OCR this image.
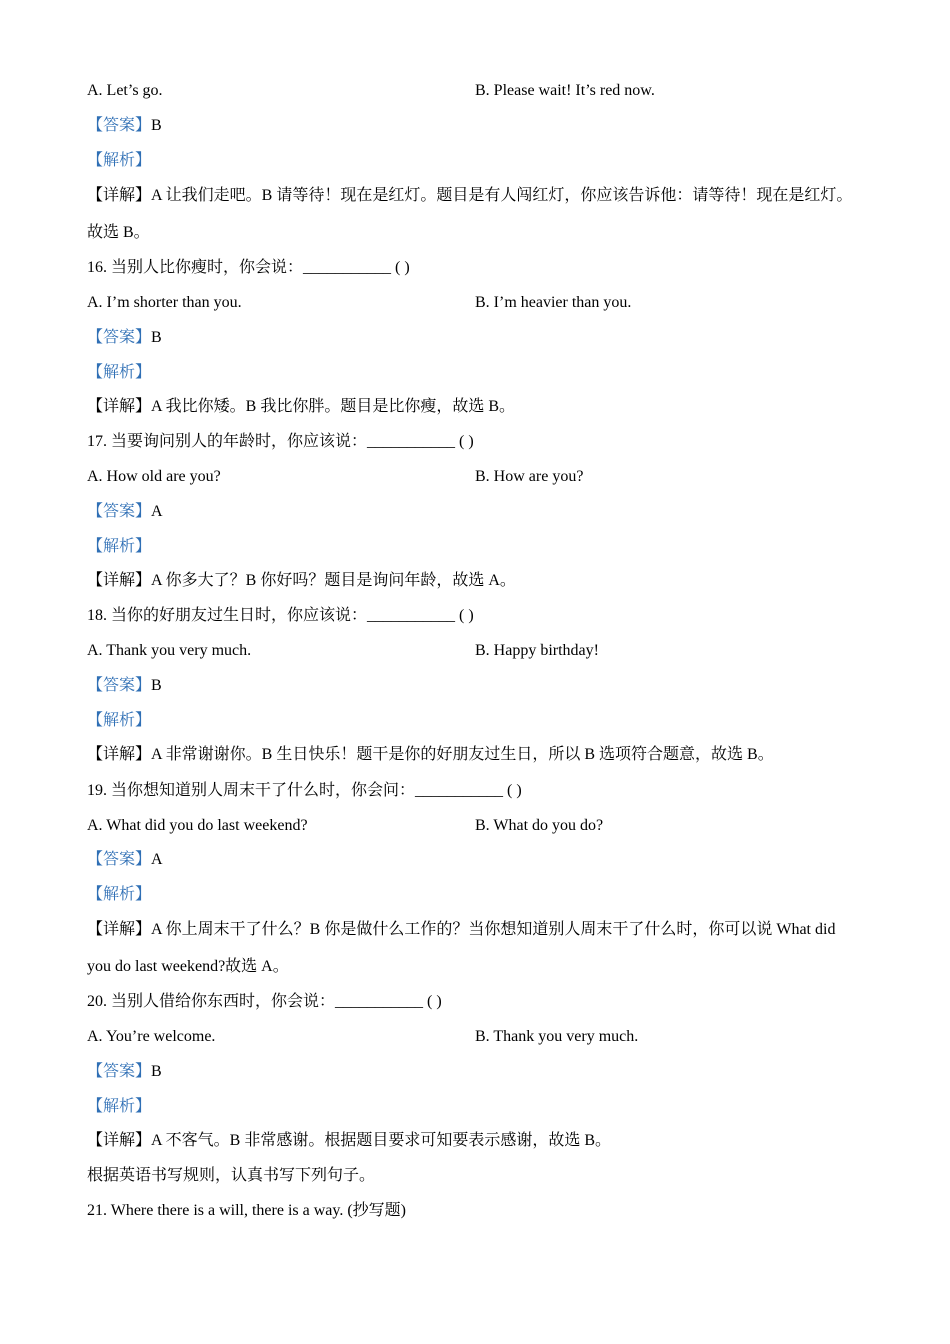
A. Let’s go.	B. Please wait! It’s red now.
【答案】B
【解析】
【详解】A 让我们走吧。B 请等待！现在是红灯。题目是有人闯红灯，你应该告诉他：请等待！现在是红灯。故选 B。
16. 当别人比你瘦时，你会说：___________ ( )
A. I’m shorter than you.	B. I’m heavier than you.
【答案】B
【解析】
【详解】A 我比你矮。B 我比你胖。题目是比你瘦，故选 B。
17. 当要询问别人的年龄时，你应该说：___________ ( )
A. How old are you?	B. How are you?
【答案】A
【解析】
【详解】A 你多大了？B 你好吗？题目是询问年龄，故选 A。
18. 当你的好朋友过生日时，你应该说：___________ ( )
A. Thank you very much.	B. Happy birthday!
【答案】B
【解析】
【详解】A 非常谢谢你。B 生日快乐！题干是你的好朋友过生日，所以 B 选项符合题意，故选 B。
19. 当你想知道别人周末干了什么时，你会问：___________ ( )
A. What did you do last weekend?	B. What do you do?
【答案】A
【解析】
【详解】A 你上周末干了什么？B 你是做什么工作的？当你想知道别人周末干了什么时，你可以说 What did you do last weekend?故选 A。
20. 当别人借给你东西时，你会说：___________ ( )
A. You’re welcome.	B. Thank you very much.
【答案】B
【解析】
【详解】A 不客气。B 非常感谢。根据题目要求可知要表示感谢，故选 B。
根据英语书写规则，认真书写下列句子。
21. Where there is a will, there is a way. (抄写题)
